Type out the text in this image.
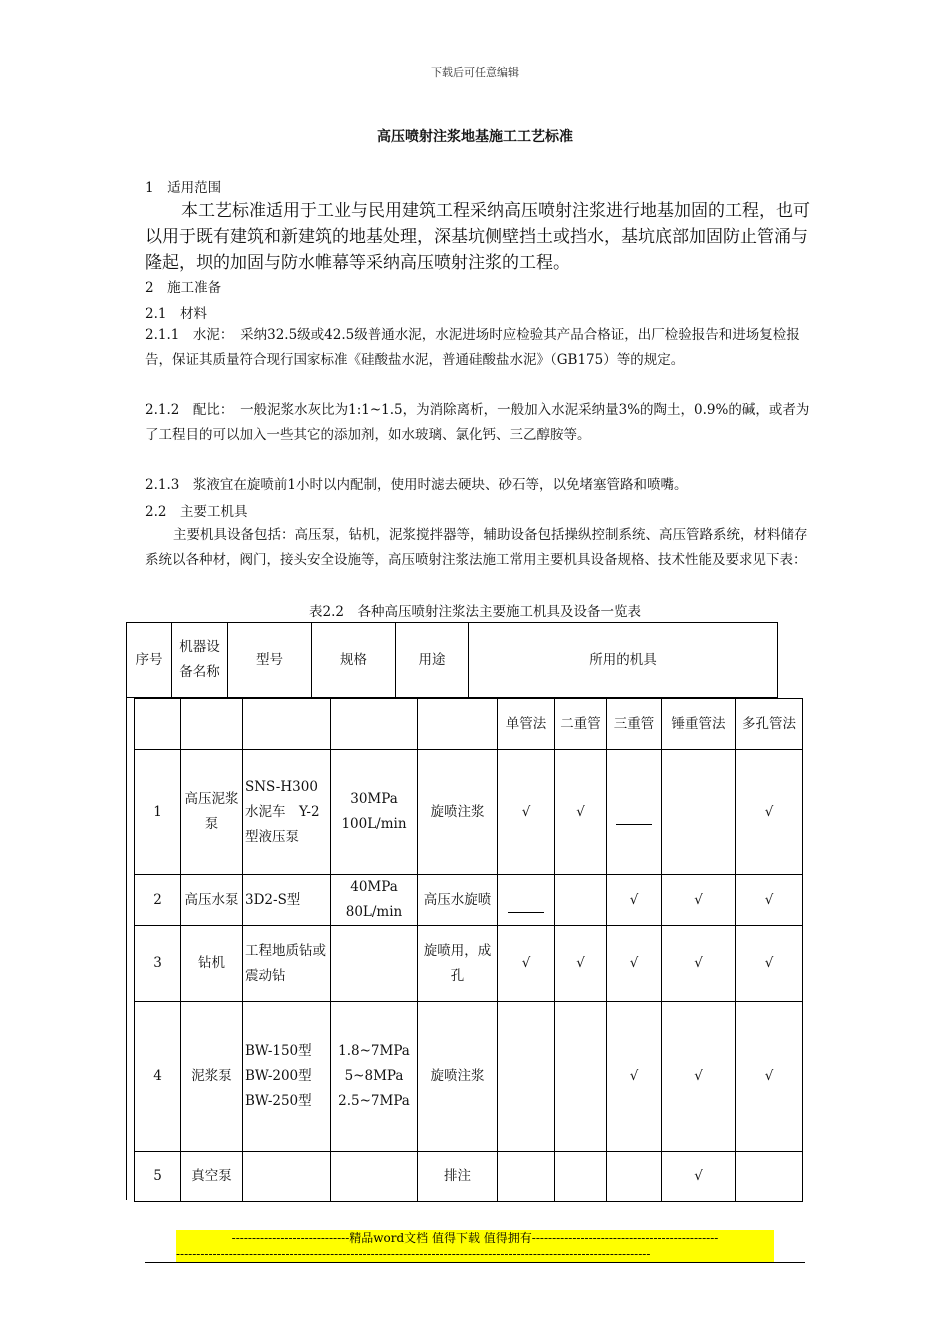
下载后可任意编辑
高压喷射注浆地基施工工艺标准
1　适用范围
本工艺标准适用于工业与民用建筑工程采纳高压喷射注浆进行地基加固的工程，也可以用于既有建筑和新建筑的地基处理，深基坑侧壁挡土或挡水，基坑底部加固防止管涌与隆起，坝的加固与防水帷幕等采纳高压喷射注浆的工程。
2　施工准备
2.1　材料
2.1.1　水泥：　采纳32.5级或42.5级普通水泥，水泥进场时应检验其产品合格证，出厂检验报告和进场复检报告，保证其质量符合现行国家标准《硅酸盐水泥，普通硅酸盐水泥》（GB175）等的规定。
2.1.2　配比：　一般泥浆水灰比为1:1~1.5，为消除离析，一般加入水泥采纳量3%的陶土，0.9%的碱，或者为了工程目的可以加入一些其它的添加剂，如水玻璃、氯化钙、三乙醇胺等。
2.1.3　浆液宜在旋喷前1小时以内配制，使用时滤去硬块、砂石等，以免堵塞管路和喷嘴。
2.2　主要工机具
主要机具设备包括：高压泵，钻机，泥浆搅拌器等，辅助设备包括操纵控制系统、高压管路系统，材料储存系统以各种材，阀门，接头安全设施等，高压喷射注浆法施工常用主要机具设备规格、技术性能及要求见下表：
表2.2　各种高压喷射注浆法主要施工机具及设备一览表
序号	机器设备名称	型号	规格	用途	所用的机具
					单管法	二重管	三重管	锤重管法	多孔管法
1	高压泥浆泵	SNS-H300　水泥车　Y-2　型液压泵	30MPa 100L/min	旋喷注浆	√	√			√
2	高压水泵	3D2-S型	40MPa 80L/min	高压水旋喷			√	√	√
3	钻机	工程地质钻或震动钻		旋喷用，成孔	√	√	√	√	√
4	泥浆泵	BW-150型 BW-200型 BW-250型	1.8~7MPa 5~8MPa 2.5~7MPa	旋喷注浆			√	√	√
5	真空泵			排注				√	
-----------------------------精品word文档 值得下载 值得拥有----------------------------------------------
---------------------------------------------------------------------------------------------------------------------
